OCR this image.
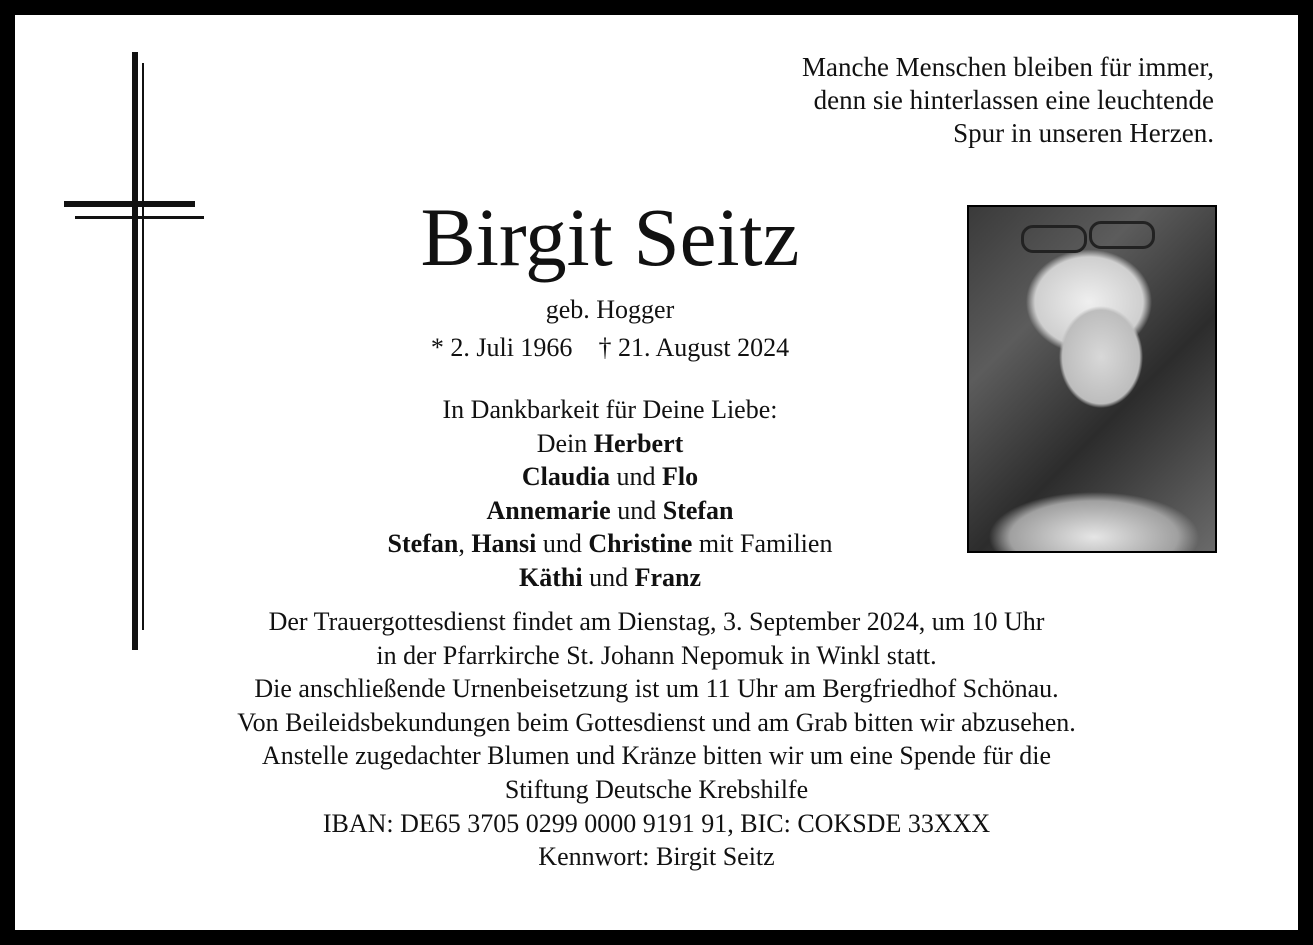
Manche Menschen bleiben für immer,
denn sie hinterlassen eine leuchtende
Spur in unseren Herzen.
Birgit Seitz
geb. Hogger
* 2. Juli 1966 † 21. August 2024
In Dankbarkeit für Deine Liebe:
Dein Herbert
Claudia und Flo
Annemarie und Stefan
Stefan, Hansi und Christine mit Familien
Käthi und Franz
Der Trauergottesdienst findet am Dienstag, 3. September 2024, um 10 Uhr
in der Pfarrkirche St. Johann Nepomuk in Winkl statt.
Die anschließende Urnenbeisetzung ist um 11 Uhr am Bergfriedhof Schönau.
Von Beileidsbekundungen beim Gottesdienst und am Grab bitten wir abzusehen.
Anstelle zugedachter Blumen und Kränze bitten wir um eine Spende für die
Stiftung Deutsche Krebshilfe
IBAN: DE65 3705 0299 0000 9191 91, BIC: COKSDE 33XXX
Kennwort: Birgit Seitz
